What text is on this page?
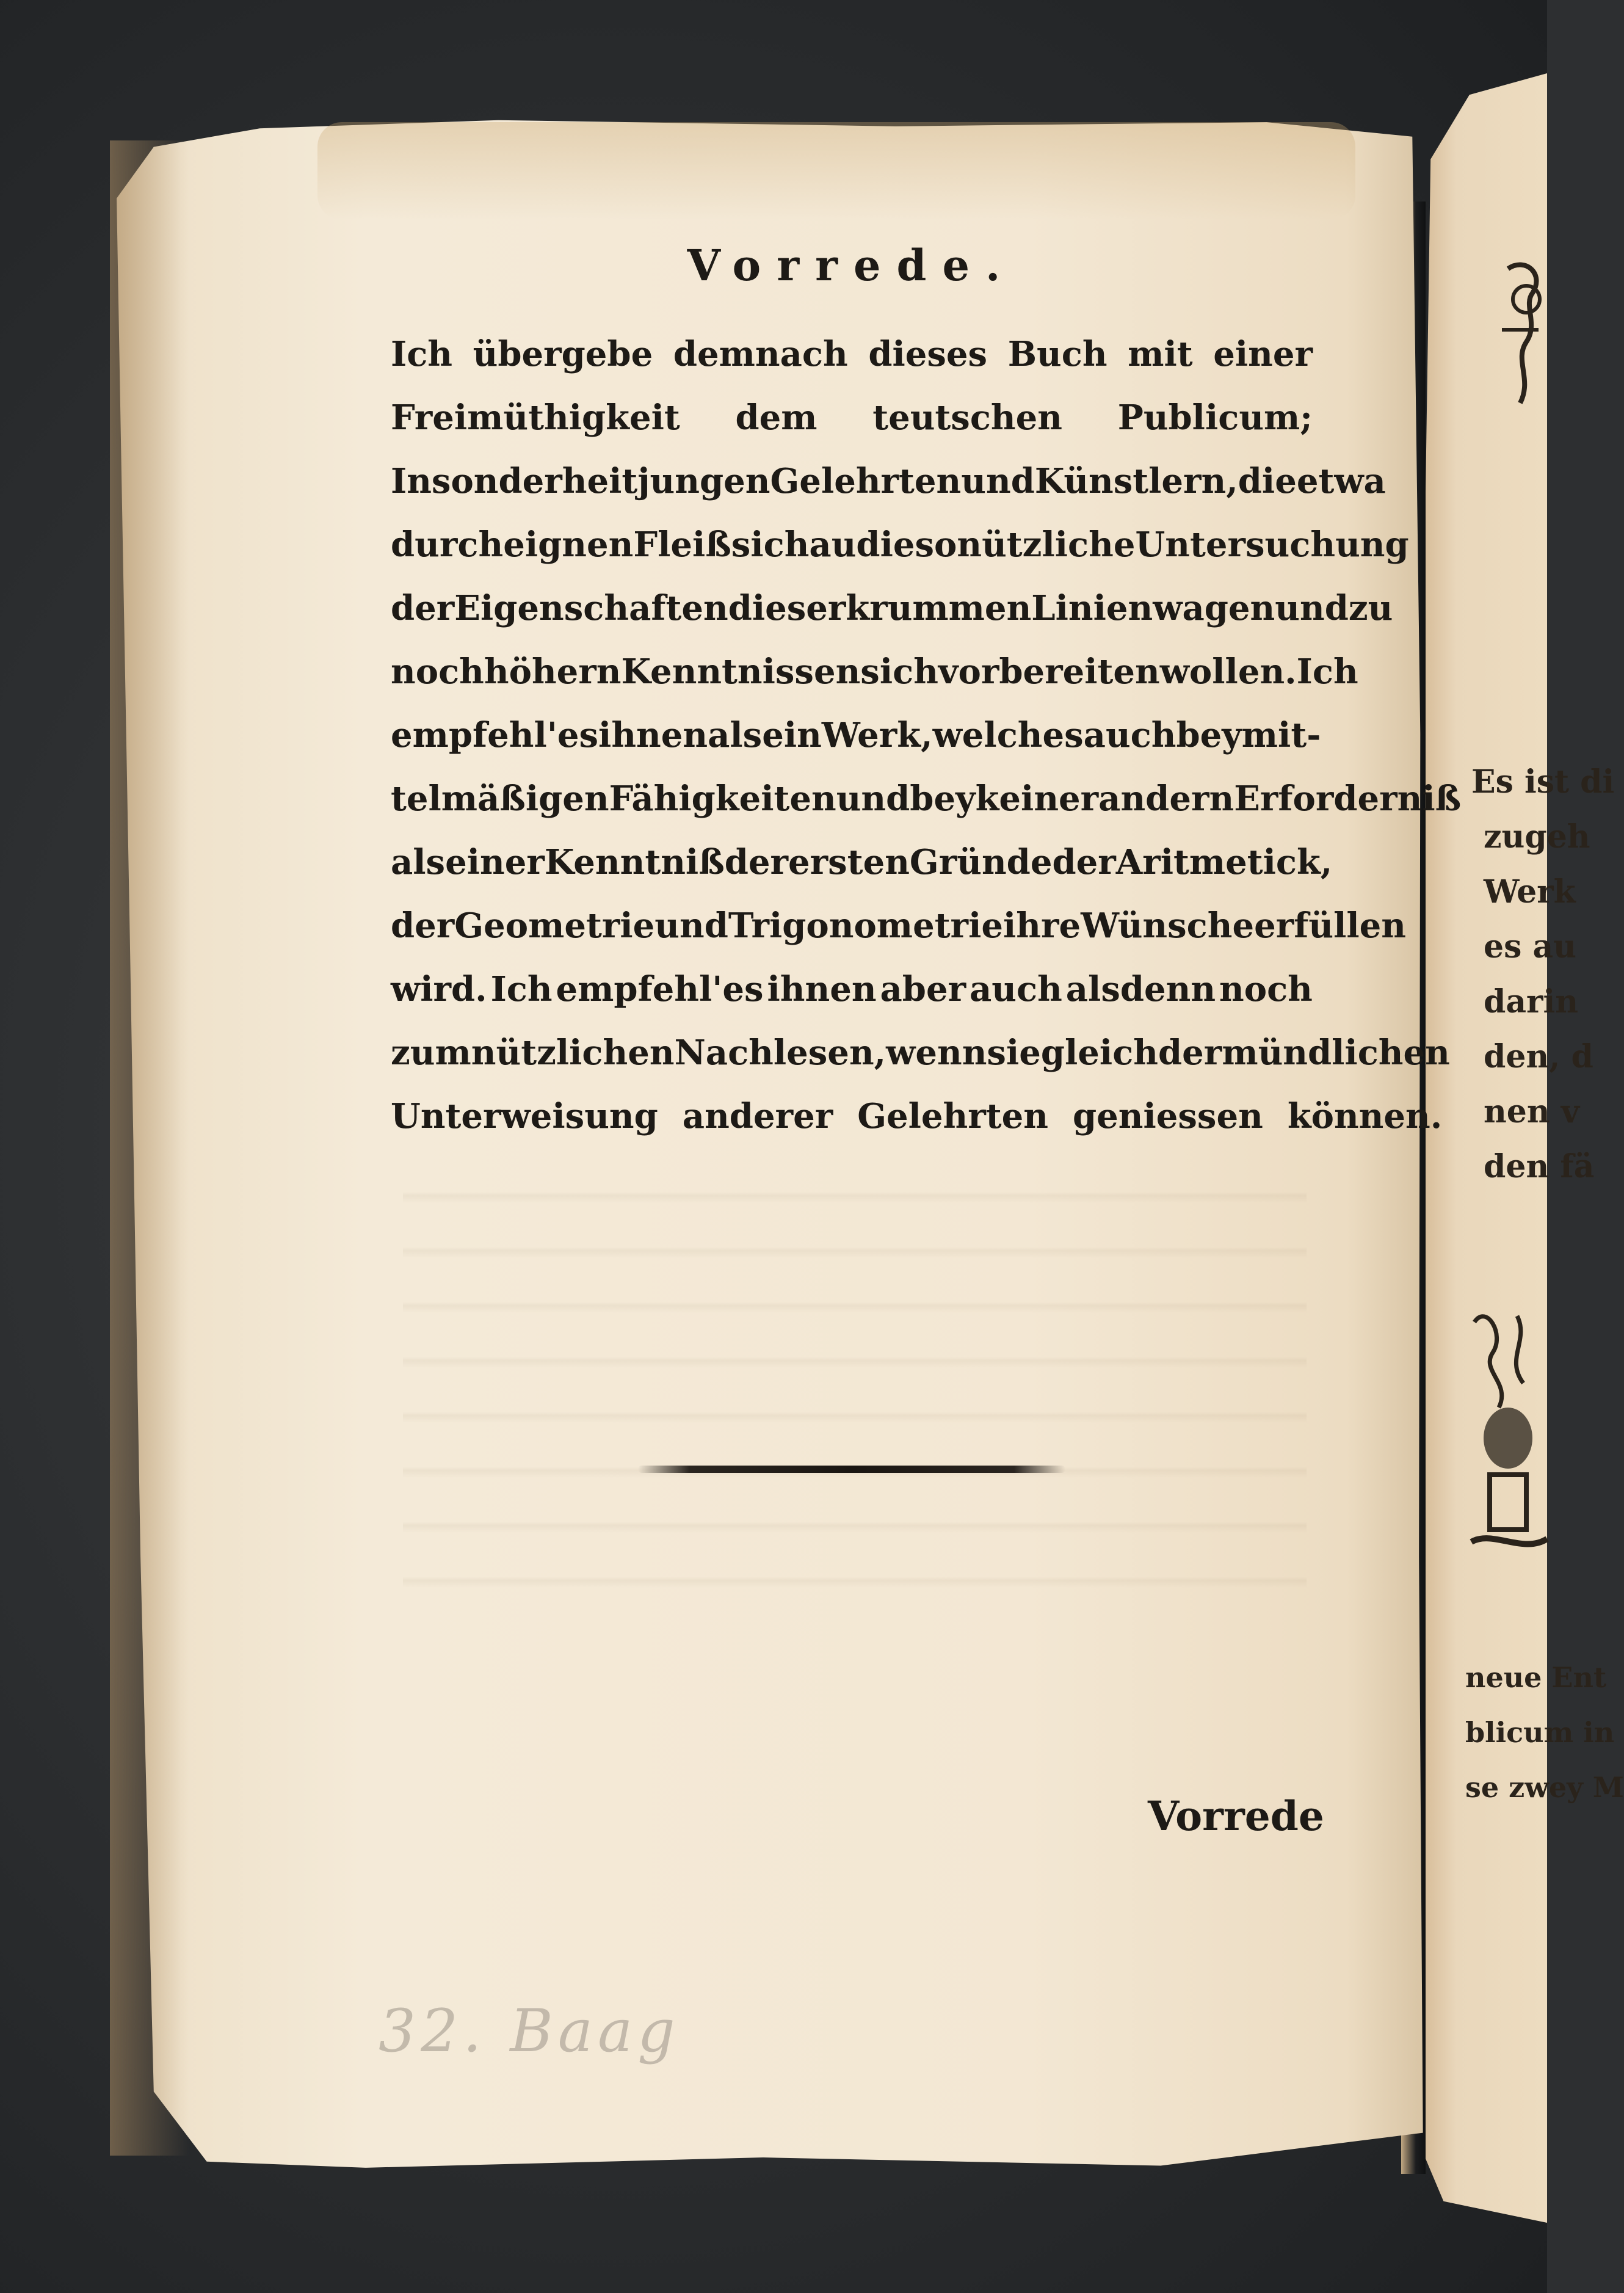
Es ist di
zugeh
Werk
es au
darin
den, d
nen v
den fä
neue Ent
blicum in
se zwey M
Vorrede.
Ich übergebe demnach dieses Buch mit einer
Freimüthigkeit dem teutschen Publicum;
Insonderheit jungen Gelehrten und Künstlern, die etwa
durch eignen Fleiß sich au die so nützliche Untersuchung
der Eigenschaften dieser krummen Linien wagen und zu
noch höhern Kenntnissen sich vorbereiten wollen. Ich
empfehl' es ihnen als ein Werk, welches auch bey mit-
telmäßigen Fähigkeiten und bey keiner andern Erforderniß
als einer Kenntniß der ersten Gründe der Aritmetick,
der Geometrie und Trigonometrie ihre Wünsche erfüllen
wird. Ich empfehl'es ihnen aber auch alsdenn noch
zum nützlichen Nachlesen, wenn sie gleich der mündlichen
Unterweisung anderer Gelehrten geniessen können.
Vorrede
32. Baag
